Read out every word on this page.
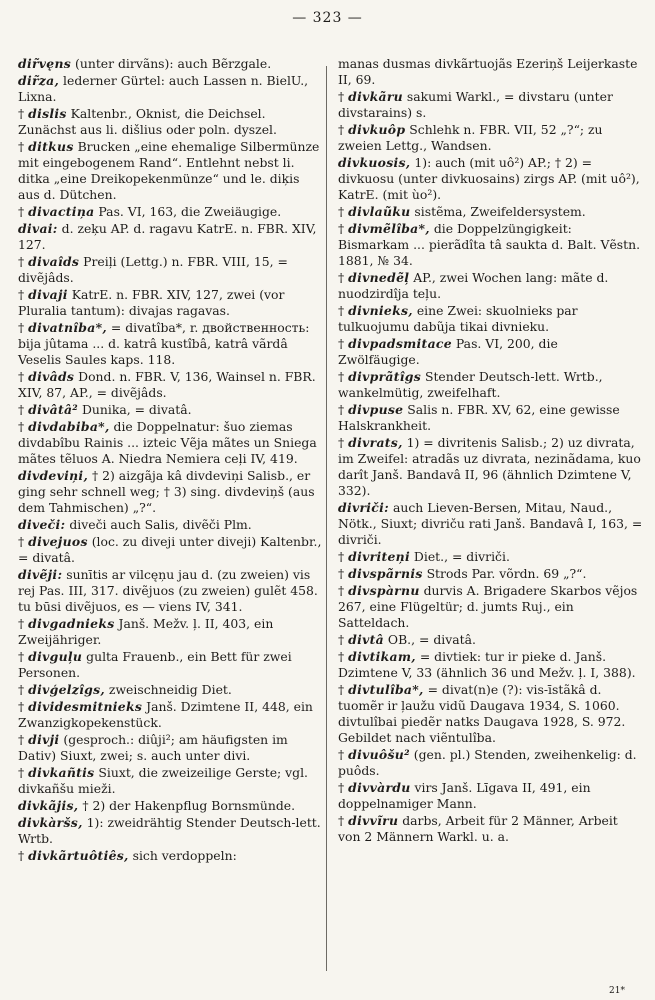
— 323 —

dir̃vęns (unter dirvãns): auch Bẽrzgale.

dir̃za, lederner Gürtel: auch Lassen n. BielU., Lixna.

† dislis Kaltenbr., Oknist, die Deichsel. Zunächst aus li. dišlius oder poln. dyszel.

† ditkus Brucken „eine ehemalige Silbermünze mit eingebogenem Rand“. Entlehnt nebst li. ditka „eine Dreikopekenmünze“ und le. diķis aus d. Dütchen.

† divactiņa Pas. VI, 163, die Zweiäugige.

divai: d. zeķu AP. d. ragavu KatrE. n. FBR. XIV, 127.

† divaîds Preiļi (Lettg.) n. FBR. VIII, 15, = divẽjâds.

† divaji KatrE. n. FBR. XIV, 127, zwei (vor Pluralia tantum): divajas ragavas.

† divatnîba*, = divatîba*, r. двойственность: bija jûtama ... d. katrâ kustîbâ, katrâ vãrdâ Veselis Saules kaps. 118.

† divâds Dond. n. FBR. V, 136, Wainsel n. FBR. XIV, 87, AP., = divẽjâds.

† divâtâ² Dunika, = divatâ.

† divdabiba*, die Doppelnatur: šuo ziemas divdabîbu Rainis ... izteic Vẽja mãtes un Sniega mãtes tẽluos A. Niedra Nemiera ceļi IV, 419.

divdeviņi, † 2) aizgãja kâ divdeviņi Salisb., er ging sehr schnell weg; † 3) sing. divdeviņš (aus dem Tahmischen) „?“.

diveči: diveči auch Salis, divẽči Plm.

† divejuos (loc. zu diveji unter diveji) Kaltenbr., = divatâ.

divẽji: sunītis ar vilcęņu jau d. (zu zweien) vis rej Pas. III, 317. divẽjuos (zu zweien) gulẽt 458. tu būsi divẽjuos, es — viens IV, 341.

† divgadnieks Janš. Mežv. ļ. II, 403, ein Zweijähriger.

† divguļu gulta Frauenb., ein Bett für zwei Personen.

† divģelzîgs, zweischneidig Diet.

† dividesmitnieks Janš. Dzimtene II, 448, ein Zwanzigkopekenstück.

† divji (gesproch.: diûji²; am häufigsten im Dativ) Siuxt, zwei; s. auch unter divi.

† divkañtis Siuxt, die zweizeilige Gerste; vgl. divkañšu mieži.

divkãjis, † 2) der Hakenpflug Bornsmünde.

divkàršs, 1): zweidrähtig Stender Deutsch-lett. Wrtb.

† divkãrtuôtiês, sich verdoppeln:

manas dusmas divkãrtuojãs Ezeriņš Leijerkaste II, 69.

† divkãru sakumi Warkl., = divstaru (unter divstarains) s.

† divkuôp Schlehk n. FBR. VII, 52 „?“; zu zweien Lettg., Wandsen.

divkuosis, 1): auch (mit uô²) AP.; † 2) = divkuosu (unter divkuosains) zirgs AP. (mit uô²), KatrE. (mit ùo²).

† divlaũku sistẽma, Zweifeldersystem.

† divmẽlîba*, die Doppelzüngigkeit: Bismarkam ... pierãdîta tâ saukta d. Balt. Vẽstn. 1881, № 34.

† divnedẽļ AP., zwei Wochen lang: mãte d. nuodzirdîja teļu.

† divnieks, eine Zwei: skuolnieks par tulkuojumu dabũja tikai divnieku.

† divpadsmitace Pas. VI, 200, die Zwölfäugige.

† divprãtîgs Stender Deutsch-lett. Wrtb., wankelmütig, zweifelhaft.

† divpuse Salis n. FBR. XV, 62, eine gewisse Halskrankheit.

† divrats, 1) = divritenis Salisb.; 2) uz divrata, im Zweifel: atradãs uz divrata, nezinãdama, kuo darît Janš. Bandavâ II, 96 (ähnlich Dzimtene V, 332).

divriči: auch Lieven-Bersen, Mitau, Naud., Nötk., Siuxt; divriču rati Janš. Bandavâ I, 163, = divriči.

† divriteņi Diet., = divriči.

† divspãrnis Strods Par. võrdn. 69 „?“.

† divspàrnu durvis A. Brigadere Skarbos vẽjos 267, eine Flügeltür; d. jumts Ruj., ein Satteldach.

† divtâ OB., = divatâ.

† divtikam, = divtiek: tur ir pieke d. Janš. Dzimtene V, 33 (ähnlich 36 und Mežv. ļ. I, 388).

† divtulîba*, = divat(n)e (?): vis-īstãkâ d. tuomẽr ir ļaužu vidũ Daugava 1934, S. 1060. divtulîbai piedẽr natks Daugava 1928, S. 972. Gebildet nach viẽntulîba.

† divuôšu² (gen. pl.) Stenden, zweihenkelig: d. puôds.

† divvàrdu virs Janš. Līgava II, 491, ein doppelnamiger Mann.

† divvĩru darbs, Arbeit für 2 Männer, Arbeit von 2 Männern Warkl. u. a.

21*
